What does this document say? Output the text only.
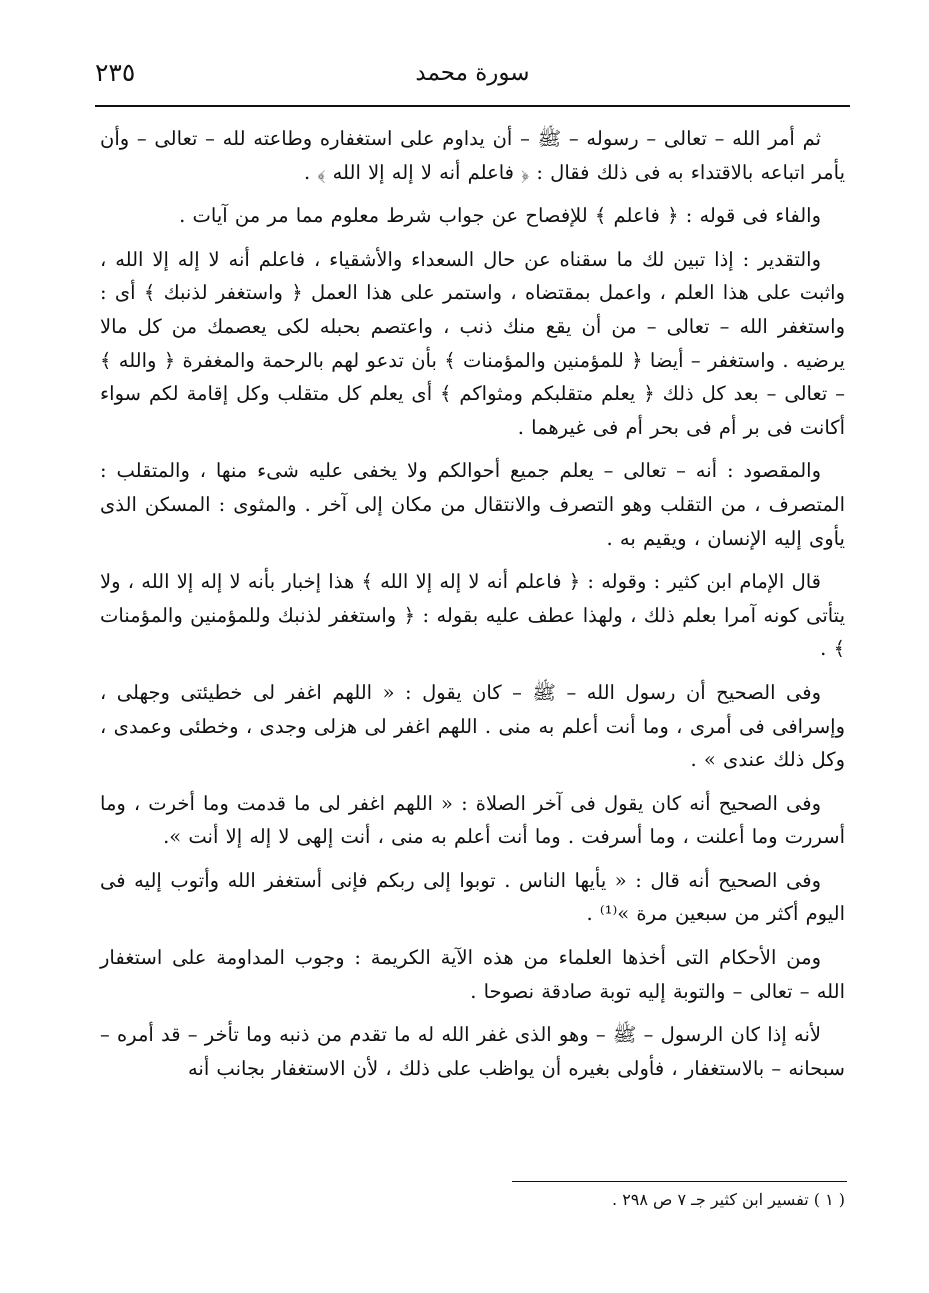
٢٣٥	سورة محمد

ثم أمر الله – تعالى – رسوله – ﷺ – أن يداوم على استغفاره وطاعته لله – تعالى – وأن يأمر اتباعه بالاقتداء به فى ذلك فقال : ﴿ فاعلم أنه لا إله إلا الله ﴾ .

والفاء فى قوله : ﴿ فاعلم ﴾ للإفصاح عن جواب شرط معلوم مما مر من آيات .

والتقدير : إذا تبين لك ما سقناه عن حال السعداء والأشقياء ، فاعلم أنه لا إله إلا الله ، واثبت على هذا العلم ، واعمل بمقتضاه ، واستمر على هذا العمل ﴿ واستغفر لذنبك ﴾ أى : واستغفر الله – تعالى – من أن يقع منك ذنب ، واعتصم بحبله لكى يعصمك من كل مالا يرضيه . واستغفر – أيضا ﴿ للمؤمنين والمؤمنات ﴾ بأن تدعو لهم بالرحمة والمغفرة ﴿ والله ﴾ – تعالى – بعد كل ذلك ﴿ يعلم متقلبكم ومثواكم ﴾ أى يعلم كل متقلب وكل إقامة لكم سواء أكانت فى بر أم فى بحر أم فى غيرهما .

والمقصود : أنه – تعالى – يعلم جميع أحوالكم ولا يخفى عليه شىء منها ، والمتقلب : المتصرف ، من التقلب وهو التصرف والانتقال من مكان إلى آخر . والمثوى : المسكن الذى يأوى إليه الإنسان ، ويقيم به .

قال الإمام ابن كثير : وقوله : ﴿ فاعلم أنه لا إله إلا الله ﴾ هذا إخبار بأنه لا إله إلا الله ، ولا يتأتى كونه آمرا بعلم ذلك ، ولهذا عطف عليه بقوله : ﴿ واستغفر لذنبك وللمؤمنين والمؤمنات ﴾ .

وفى الصحيح أن رسول الله – ﷺ – كان يقول : « اللهم اغفر لى خطيئتى وجهلى ، وإسرافى فى أمرى ، وما أنت أعلم به منى . اللهم اغفر لى هزلى وجدى ، وخطئى وعمدى ، وكل ذلك عندى » .

وفى الصحيح أنه كان يقول فى آخر الصلاة : « اللهم اغفر لى ما قدمت وما أخرت ، وما أسررت وما أعلنت ، وما أسرفت . وما أنت أعلم به منى ، أنت إلهى لا إله إلا أنت ».

وفى الصحيح أنه قال : « يأيها الناس . توبوا إلى ربكم فإنى أستغفر الله وأتوب إليه فى اليوم أكثر من سبعين مرة »⁽¹⁾ .

ومن الأحكام التى أخذها العلماء من هذه الآية الكريمة : وجوب المداومة على استغفار الله – تعالى – والتوبة إليه توبة صادقة نصوحا .

لأنه إذا كان الرسول – ﷺ – وهو الذى غفر الله له ما تقدم من ذنبه وما تأخر – قد أمره – سبحانه – بالاستغفار ، فأولى بغيره أن يواظب على ذلك ، لأن الاستغفار بجانب أنه

( ١ ) تفسير ابن كثير جـ ٧ ص ٢٩٨ .
